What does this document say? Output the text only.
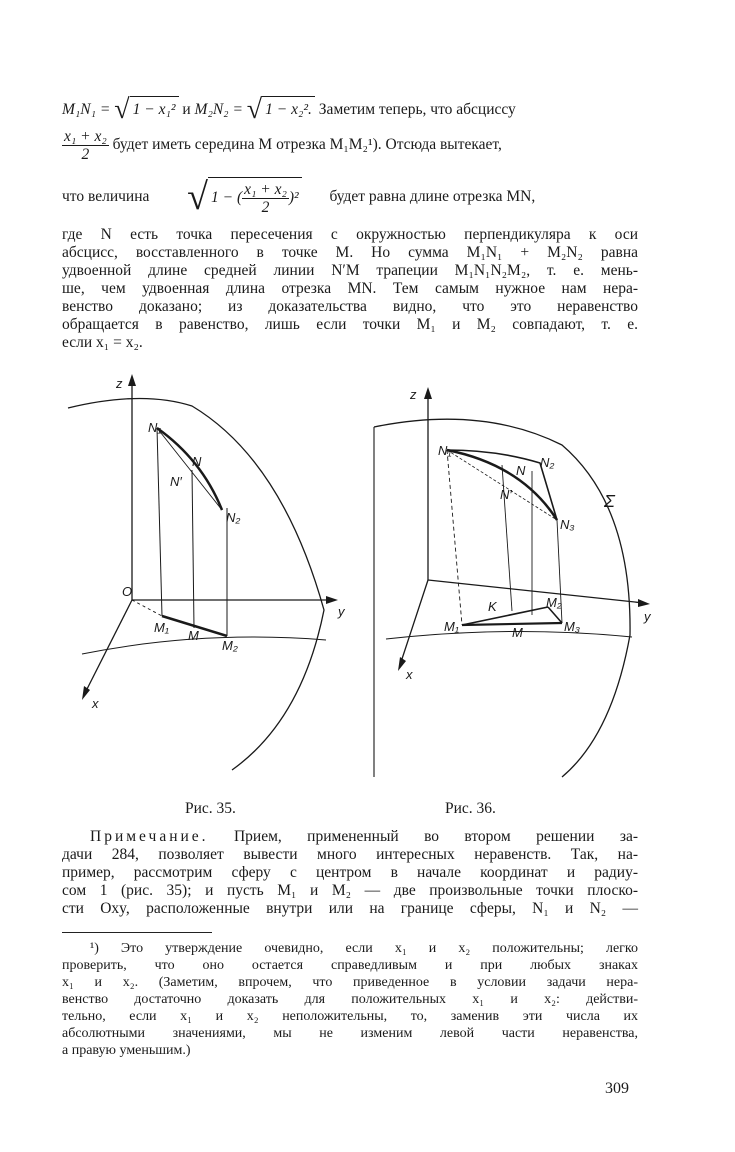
M₁N₁ = √ 1 − x₁² и M₂N₂ = √ 1 − x₂². Заметим теперь, что абсциссу
$\frac{\text{x₁ + x₂}}{2}$ будет иметь середина M отрезка M₁M₂¹). Отсюда вытекает,
что величина √ 1 − ( $\frac{\text{x₁ + x₂}}{2} )^2$ будет равна длине отрезка MN,
где N есть точка пересечения с окружностью перпендикуляра к оси
абсцисс, восставленного в точке M. Но сумма M₁N₁ + M₂N₂ равна
удвоенной длине средней линии N′M трапеции M₁N₁N₂M₂, т. е. мень-
ше, чем удвоенная длина отрезка MN. Тем самым нужное нам нера-
венство доказано; из доказательства видно, что это неравенство
обращается в равенство, лишь если точки M₁ и M₂ совпадают, т. е.
если x₁ = x₂.
z
y
x
O
N₁
N
N′
N₂
M₁
M
M₂
z
y
x
Σ
N₁
N
N₂
N′
N₃
M₁	M
M₂
M₃
K
Рис. 35.	Рис. 36.
Примечание. Прием, примененный во втором решении за-
дачи 284, позволяет вывести много интересных неравенств. Так, на-
пример, рассмотрим сферу с центром в начале координат и радиу-
сом 1 (рис. 35); и пусть M₁ и M₂ — две произвольные точки плоско-
сти Oxy, расположенные внутри или на границе сферы, N₁ и N₂ —
¹) Это утверждение очевидно, если x₁ и x₂ положительны; легко
проверить, что оно остается справедливым и при любых знаках
x₁ и x₂. (Заметим, впрочем, что приведенное в условии задачи нера-
венство достаточно доказать для положительных x₁ и x₂: действи-
тельно, если x₁ и x₂ неположительны, то, заменив эти числа их
абсолютными значениями, мы не изменим левой части неравенства,
а правую уменьшим.)
309
